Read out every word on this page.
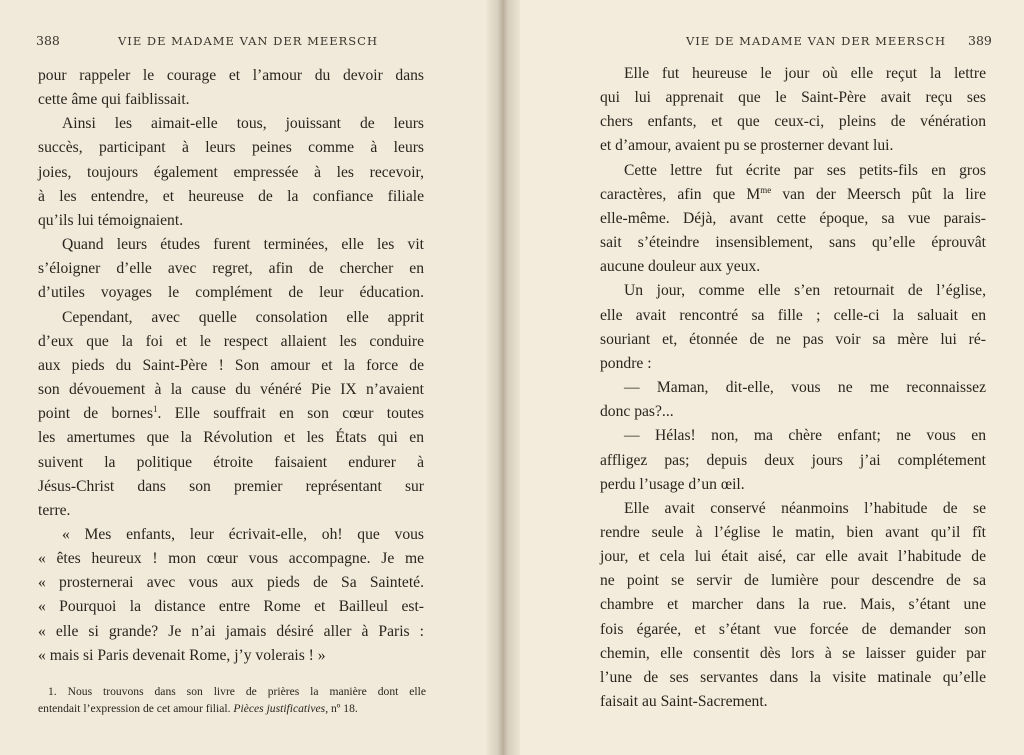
388	VIE DE MADAME VAN DER MEERSCH
pour rappeler le courage et l’amour du devoir dans
cette âme qui faiblissait.
Ainsi les aimait-elle tous, jouissant de leurs
succès, participant à leurs peines comme à leurs
joies, toujours également empressée à les recevoir,
à les entendre, et heureuse de la confiance filiale
qu’ils lui témoignaient.
Quand leurs études furent terminées, elle les vit
s’éloigner d’elle avec regret, afin de chercher en
d’utiles voyages le complément de leur éducation.
Cependant, avec quelle consolation elle apprit
d’eux que la foi et le respect allaient les conduire
aux pieds du Saint-Père ! Son amour et la force de
son dévouement à la cause du vénéré Pie IX n’avaient
point de bornes$^1$. Elle souffrait en son cœur toutes
les amertumes que la Révolution et les États qui en
suivent la politique étroite faisaient endurer à
Jésus-Christ dans son premier représentant sur
terre.
« Mes enfants, leur écrivait-elle, oh! que vous
« êtes heureux ! mon cœur vous accompagne. Je me
« prosternerai avec vous aux pieds de Sa Sainteté.
« Pourquoi la distance entre Rome et Bailleul est-
« elle si grande? Je n’ai jamais désiré aller à Paris :
« mais si Paris devenait Rome, j’y volerais ! »
1. Nous trouvons dans son livre de prières la manière dont elle
entendait l’expression de cet amour filial. Pièces justificatives, nº 18.
VIE DE MADAME VAN DER MEERSCH 389
Elle fut heureuse le jour où elle reçut la lettre
qui lui apprenait que le Saint-Père avait reçu ses
chers enfants, et que ceux-ci, pleins de vénération
et d’amour, avaient pu se prosterner devant lui.
Cette lettre fut écrite par ses petits-fils en gros
caractères, afin que $M^{me}$ van der Meersch pût la lire
elle-même. Déjà, avant cette époque, sa vue parais-
sait s’éteindre insensiblement, sans qu’elle éprouvât
aucune douleur aux yeux.
Un jour, comme elle s’en retournait de l’église,
elle avait rencontré sa fille ; celle-ci la saluait en
souriant et, étonnée de ne pas voir sa mère lui ré-
pondre :
— Maman, dit-elle, vous ne me reconnaissez
donc pas?...
— Hélas! non, ma chère enfant; ne vous en
affligez pas; depuis deux jours j’ai complétement
perdu l’usage d’un œil.
Elle avait conservé néanmoins l’habitude de se
rendre seule à l’église le matin, bien avant qu’il fît
jour, et cela lui était aisé, car elle avait l’habitude de
ne point se servir de lumière pour descendre de sa
chambre et marcher dans la rue. Mais, s’étant une
fois égarée, et s’étant vue forcée de demander son
chemin, elle consentit dès lors à se laisser guider par
l’une de ses servantes dans la visite matinale qu’elle
faisait au Saint-Sacrement.
